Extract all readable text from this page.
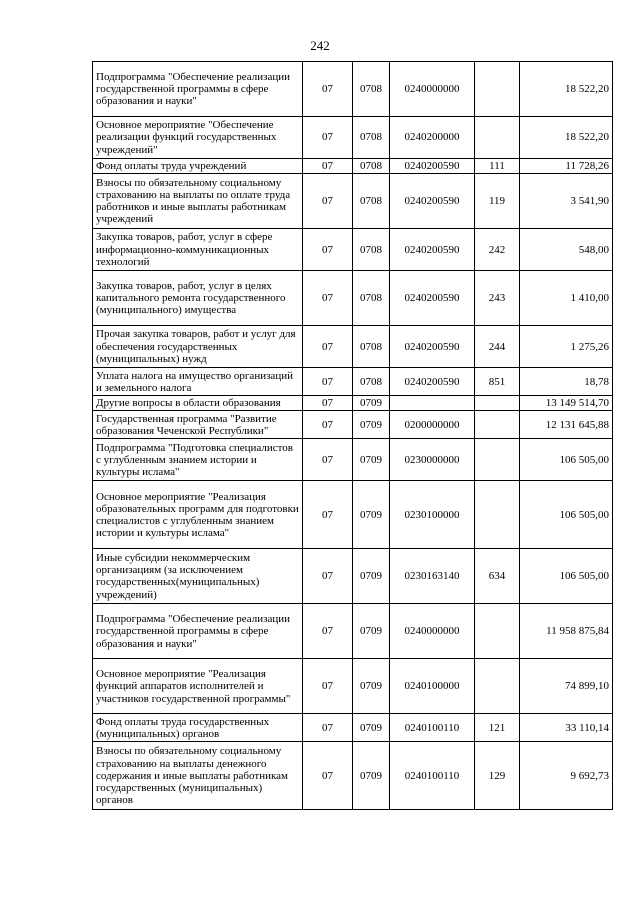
242
Подпрограмма "Обеспечение реализации государственной программы в сфере образования и науки"	07	0708	0240000000		18 522,20
Основное мероприятие "Обеспечение реализации функций государственных учреждений"	07	0708	0240200000		18 522,20
Фонд оплаты труда учреждений	07	0708	0240200590	111	11 728,26
Взносы по обязательному социальному страхованию на выплаты по оплате труда работников и иные выплаты работникам учреждений	07	0708	0240200590	119	3 541,90
Закупка товаров, работ, услуг в сфере информационно-коммуникационных технологий	07	0708	0240200590	242	548,00
Закупка товаров, работ, услуг в целях капитального ремонта государственного (муниципального) имущества	07	0708	0240200590	243	1 410,00
Прочая закупка товаров, работ и услуг для обеспечения государственных (муниципальных) нужд	07	0708	0240200590	244	1 275,26
Уплата налога на имущество организаций и земельного налога	07	0708	0240200590	851	18,78
Другие вопросы в области образования	07	0709			13 149 514,70
Государственная программа "Развитие образования Чеченской Республики"	07	0709	0200000000		12 131 645,88
Подпрограмма "Подготовка специалистов с углубленным знанием истории и культуры ислама"	07	0709	0230000000		106 505,00
Основное мероприятие "Реализация образовательных программ для подготовки специалистов с углубленным знанием истории и культуры ислама"	07	0709	0230100000		106 505,00
Иные субсидии некоммерческим организациям (за исключением государственных(муниципальных) учреждений)	07	0709	0230163140	634	106 505,00
Подпрограмма "Обеспечение реализации государственной программы в сфере образования и науки"	07	0709	0240000000		11 958 875,84
Основное мероприятие "Реализация функций аппаратов исполнителей и участников государственной программы"	07	0709	0240100000		74 899,10
Фонд оплаты труда государственных (муниципальных) органов	07	0709	0240100110	121	33 110,14
Взносы по обязательному социальному страхованию на выплаты денежного содержания и иные выплаты работникам государственных (муниципальных) органов	07	0709	0240100110	129	9 692,73
